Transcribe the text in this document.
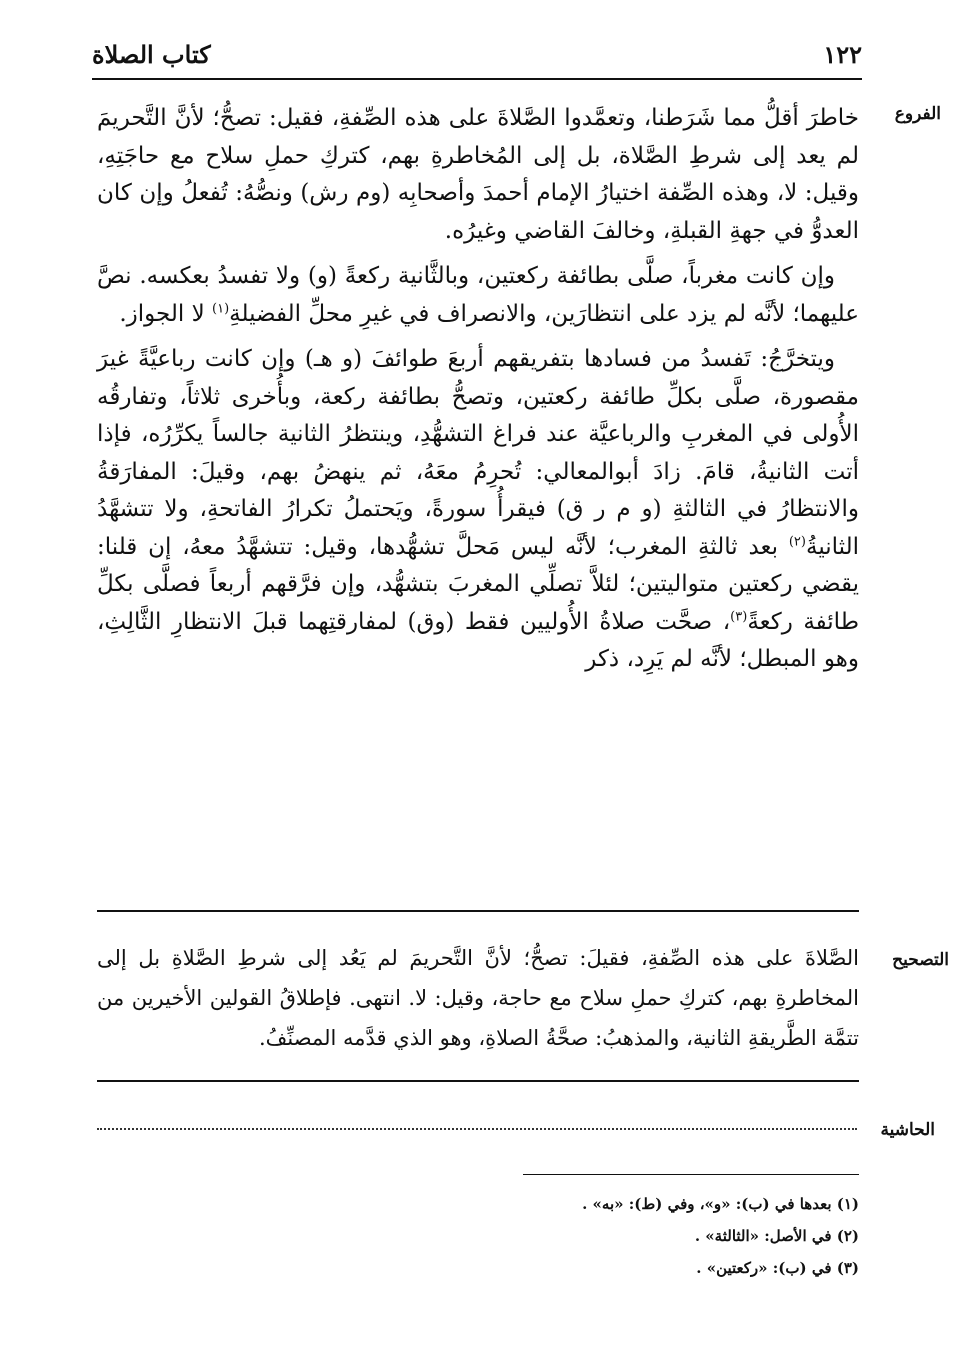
١٢٢
كتاب الصلاة
الفروع

خاطرَ أقلُّ مما شَرَطنا، وتعمَّدوا الصَّلاةَ على هذه الصِّفةِ، فقيل: تصحُّ؛ لأنَّ التَّحريمَ لم يعد إلى شرطِ الصَّلاة، بل إلى المُخاطرةِ بهم، كتركِ حملِ سلاح مع حاجَتِهِ، وقيل: لا، وهذه الصِّفة اختيارُ الإمام أحمدَ وأصحابِه (وم رش) ونصُّهُ: تُفعلُ وإن كان العدوُّ في جهةِ القبلةِ، وخالفَ القاضي وغيرُه.

وإن كانت مغرباً، صلَّى بطائفة ركعتين، وبالثَّانية ركعةً (و) ولا تفسدُ بعكسه. نصَّ عليهما؛ لأنَّه لم يزد على انتظارَين، والانصراف في غيرِ محلِّ الفضيلةِ$^{(١)}$ لا الجواز.

ويتخرَّجُ: تَفسدُ من فسادها بتفريقهم أربعَ طوائفَ (و هـ) وإن كانت رباعيَّةً غيرَ مقصورة، صلَّى بكلِّ طائفة ركعتين، وتصحُّ بطائفة ركعة، وبأُخرى ثلاثاً، وتفارقُه الأُولى في المغربِ والرباعيَّة عند فراغ التشهُّدِ، وينتظرُ الثانية جالساً يكرِّرُه، فإذا أتت الثانيةُ، قامَ. زادَ أبوالمعالي: تُحرِمُ معَهُ، ثم ينهضُ بهم، وقيلَ: المفارَقةُ والانتظارُ في الثالثةِ (و م ر ق) فيقرأُ سورةً، ويَحتملُ تكرارُ الفاتحةِ، ولا تتشهَّدُ الثانيةُ$^{(٢)}$ بعد ثالثةِ المغرب؛ لأنَّه ليس مَحلَّ تشهُّدها، وقيل: تتشهَّدُ معهُ، إن قلنا: يقضي ركعتين متواليتين؛ لئلاَّ تصلِّي المغربَ بتشهُّد، وإن فرَّقهم أربعاً فصلَّى بكلِّ طائفة ركعةً$^{(٣)}$، صحَّت صلاةُ الأُوليين فقط (وق) لمفارقتِهما قبلَ الانتظارِ الثَّالِثِ، وهو المبطل؛ لأنَّه لم يَرِد، ذكر

التصحيح

الصَّلاةَ على هذه الصِّفةِ، فقيلَ: تصحُّ؛ لأنَّ التَّحريمَ لم يَعُد إلى شرطِ الصَّلاةِ بل إلى المخاطرةِ بهم، كتركِ حملِ سلاح مع حاجة، وقيل: لا. انتهى. فإطلاقُ القولين الأخيرين من تتمَّة الطَّريقةِ الثانية، والمذهبُ: صحَّةُ الصلاةِ، وهو الذي قدَّمه المصنِّفُ.

الحاشية
(١) بعدها في (ب): «و»، وفي (ط): «به» .
(٢) في الأصل: «الثالثة» .
(٣) في (ب): «ركعتين» .
